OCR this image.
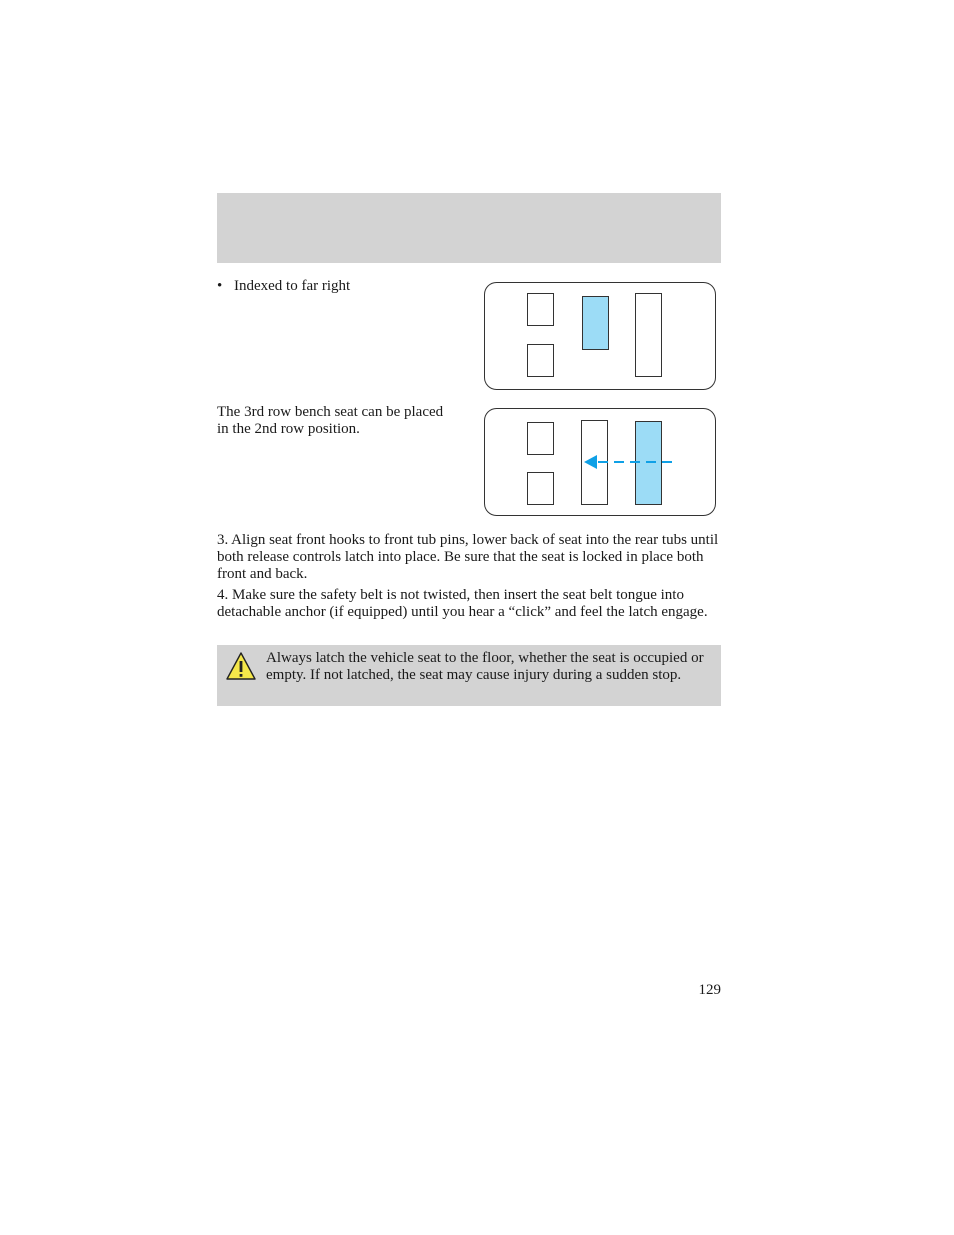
• Indexed to far right
The 3rd row bench seat can be placed in the 2nd row position.
3. Align seat front hooks to front tub pins, lower back of seat into the rear tubs until both release controls latch into place. Be sure that the seat is locked in place both front and back.
4. Make sure the safety belt is not twisted, then insert the seat belt tongue into detachable anchor (if equipped) until you hear a “click” and feel the latch engage.
Always latch the vehicle seat to the floor, whether the seat is occupied or empty. If not latched, the seat may cause injury during a sudden stop.
129
